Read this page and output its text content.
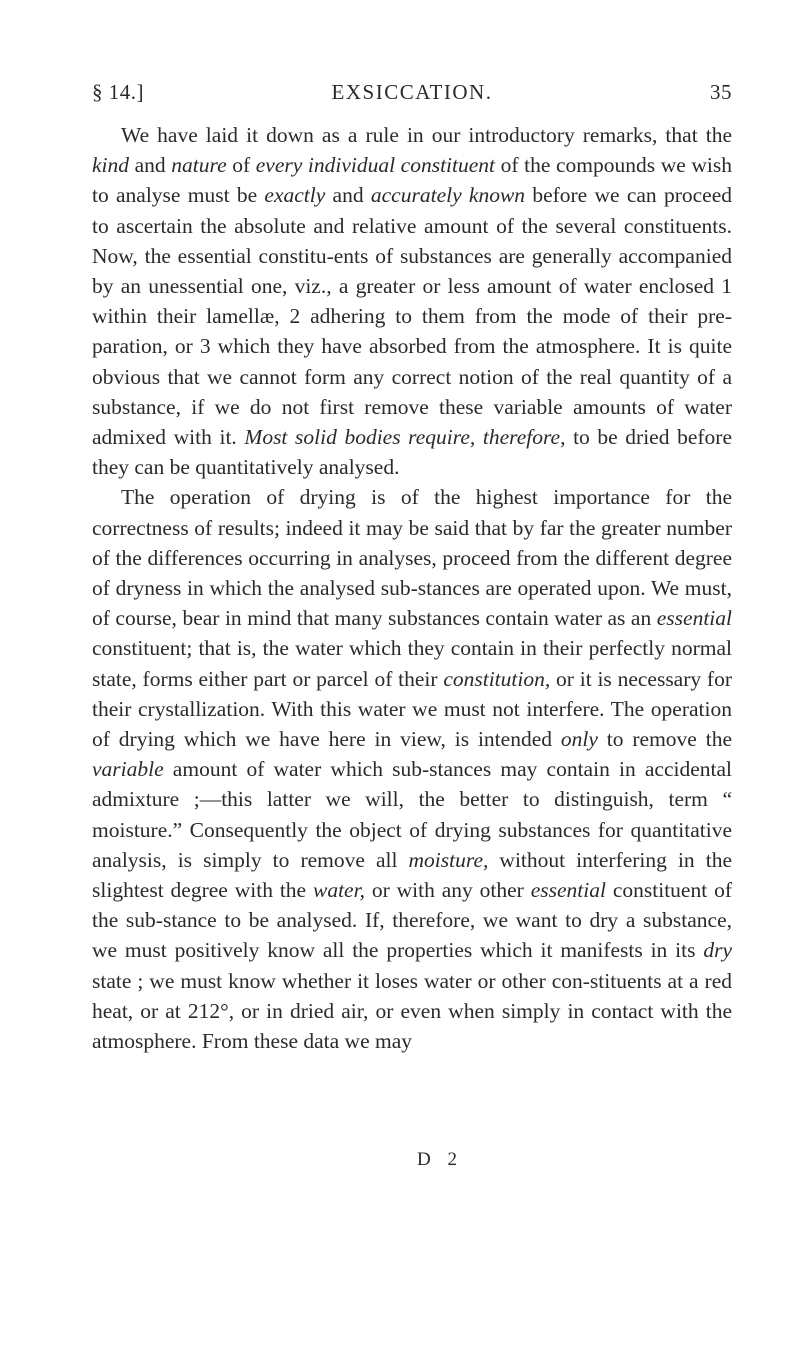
§ 14.]	EXSICCATION.	35

We have laid it down as a rule in our introductory remarks, that the kind and nature of every individual constituent of the compounds we wish to analyse must be exactly and accurately known before we can proceed to ascertain the absolute and relative amount of the several constituents. Now, the essential constitu-ents of substances are generally accompanied by an unessential one, viz., a greater or less amount of water enclosed 1 within their lamellæ, 2 adhering to them from the mode of their pre-paration, or 3 which they have absorbed from the atmosphere. It is quite obvious that we cannot form any correct notion of the real quantity of a substance, if we do not first remove these variable amounts of water admixed with it. Most solid bodies require, therefore, to be dried before they can be quantitatively analysed.

The operation of drying is of the highest importance for the correctness of results; indeed it may be said that by far the greater number of the differences occurring in analyses, proceed from the different degree of dryness in which the analysed sub-stances are operated upon. We must, of course, bear in mind that many substances contain water as an essential constituent; that is, the water which they contain in their perfectly normal state, forms either part or parcel of their constitution, or it is necessary for their crystallization. With this water we must not interfere. The operation of drying which we have here in view, is intended only to remove the variable amount of water which sub-stances may contain in accidental admixture ;—this latter we will, the better to distinguish, term “ moisture.” Consequently the object of drying substances for quantitative analysis, is simply to remove all moisture, without interfering in the slightest degree with the water, or with any other essential constituent of the sub-stance to be analysed. If, therefore, we want to dry a substance, we must positively know all the properties which it manifests in its dry state ; we must know whether it loses water or other con-stituents at a red heat, or at 212°, or in dried air, or even when simply in contact with the atmosphere. From these data we may

D 2
